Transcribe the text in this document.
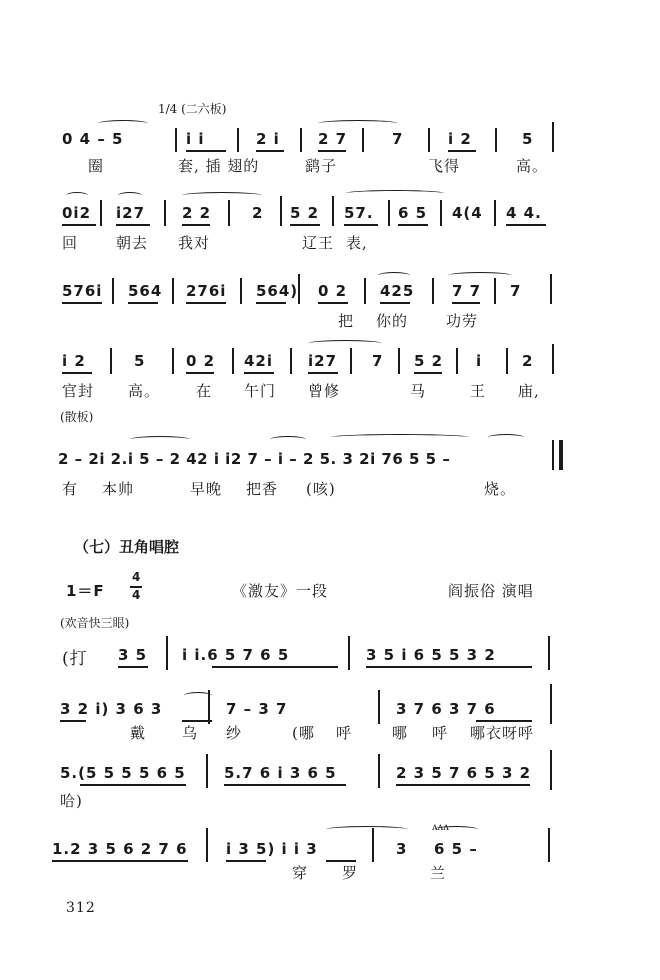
1/4 (二六板)
0 4 – 5	i i	2 i	2 7	7	i 2	5
圈	套, 插 翅的	鹞子	飞得	高。
0i2 i27 2 2	2 5 2 57. 6 5 4(4 4 4.
回	朝去 我对	辽王 表,
576i 564 276i 564) 0 2 425	7 7 7
把 你的	功劳
i 2	5	0 2 42i i27 7 5 2 i	2
官封 高。 在 午门 曾修	马	王 庙,
(散板)
2 – 2i 2.i 5 – 2 42 i i2 7 – i – 2 5. 3 2i 76 5 5 –
有 本帅	早晚 把香 (咳)	烧。
（七）丑角唱腔
1＝F
4
4	《激友》一段	阎振俗 演唱
(欢音快三眼)
(打 3 5 i i.6 5 7 6 5	3 5 i 6 5 5 3 2
3 2 i) 3 6 3	7 – 3 7	3 7 6 3 7 6
戴 乌 纱	(哪 呼	哪 呼 哪衣呀呼
5.(5 5 5 5 6 5	5.7 6 i 3 6 5	2 3 5 7 6 5 3 2
哈)
ʌʌʌ
1.2 3 5 6 2 7 6	i 3 5) i i 3	3 6 5 –
穿 罗	兰
312
